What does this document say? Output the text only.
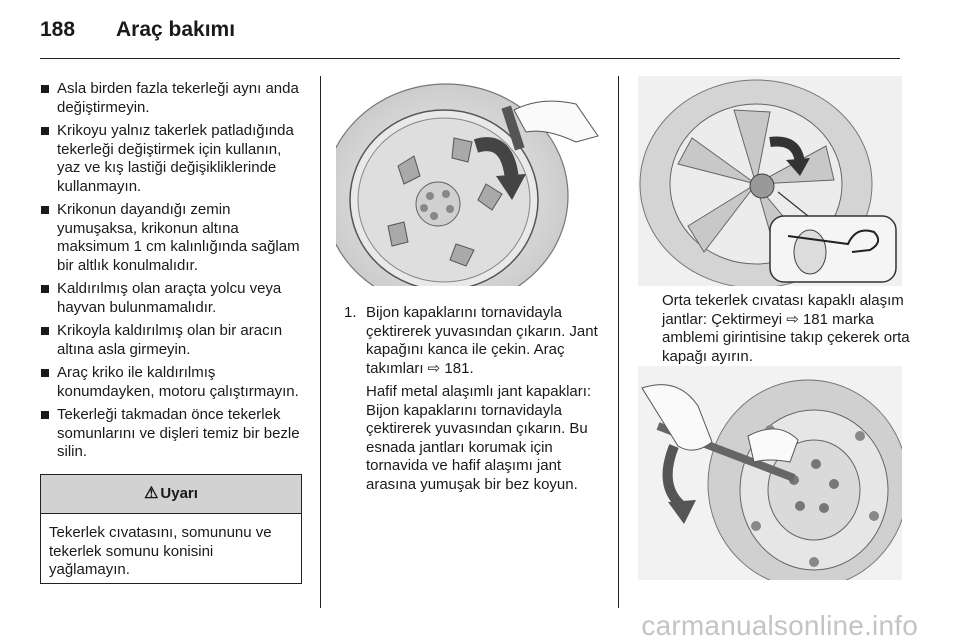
188 Araç bakımı
Asla birden fazla tekerleği aynı anda değiştirmeyin.
Krikoyu yalnız takerlek patladığında tekerleği değiştirmek için kullanın, yaz ve kış lastiği değişikliklerinde kullanmayın.
Krikonun dayandığı zemin yumuşaksa, krikonun altına maksimum 1 cm kalınlığında sağlam bir altlık konulmalıdır.
Kaldırılmış olan araçta yolcu veya hayvan bulunmamalıdır.
Krikoyla kaldırılmış olan bir aracın altına asla girmeyin.
Araç kriko ile kaldırılmış konumdayken, motoru çalıştırmayın.
Tekerleği takmadan önce tekerlek somunlarını ve dişleri temiz bir bezle silin.
⚠ Uyarı
Tekerlek cıvatasını, somununu ve tekerlek somunu konisini yağlamayın.
1. Bijon kapaklarını tornavidayla çektirerek yuvasından çıkarın. Jant kapağını kanca ile çekin. Araç takımları ⇨ 181.

Hafif metal alaşımlı jant kapakları: Bijon kapaklarını tornavidayla çektirerek yuvasından çıkarın. Bu esnada jantları korumak için tornavida ve hafif alaşımı jant arasına yumuşak bir bez koyun.

Orta tekerlek cıvatası kapaklı alaşım jantlar: Çektirmeyi ⇨ 181 marka amblemi girintisine takıp çekerek orta kapağı ayırın.
carmanualsonline.info
